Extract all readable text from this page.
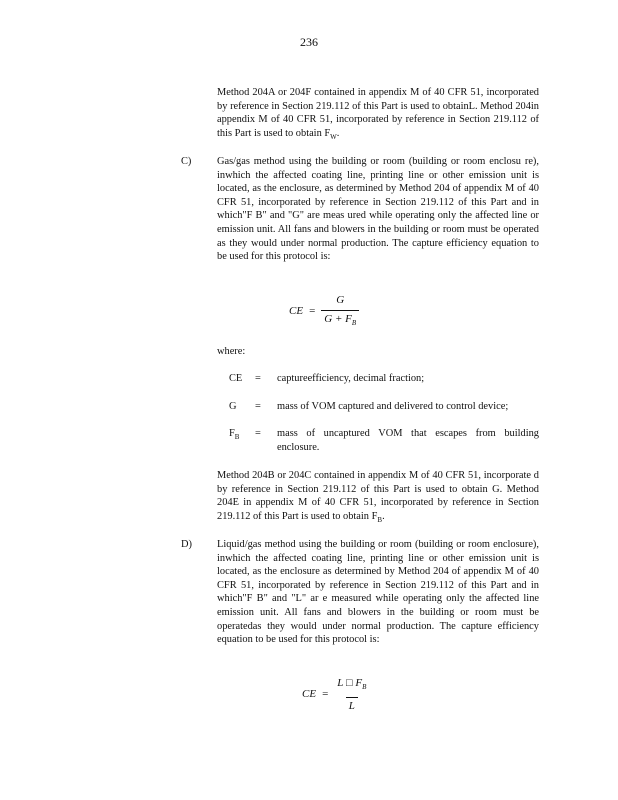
236
Method 204A or 204F contained in appendix M of 40 CFR 51, incorporated by reference in Section 219.112 of this Part is used to obtainL. Method 204in appendix M of 40 CFR 51, incorporated by reference in Section 219.112 of this Part is used to obtain $F_W$.
C) Gas/gas method using the building or room (building or room enclosu re), inwhich the affected coating line, printing line or other emission unit is located, as the enclosure, as determined by Method 204 of appendix M of 40 CFR 51, incorporated by reference in Section 219.112 of this Part and in which"F B" and "G" are meas ured while operating only the affected line or emission unit. All fans and blowers in the building or room must be operated as they would under normal production. The capture efficiency equation to be used for this protocol is:
CE = $\frac{G}{G + F_B}$
where:
CE	=	captureefficiency, decimal fraction;
G	=	mass of VOM captured and delivered to control device;
$F_B$	=	mass of uncaptured VOM that escapes from building enclosure.
Method 204B or 204C contained in appendix M of 40 CFR 51, incorporate d by reference in Section 219.112 of this Part is used to obtain G. Method 204E in appendix M of 40 CFR 51, incorporated by reference in Section 219.112 of this Part is used to obtain $F_B$.
D) Liquid/gas method using the building or room (building or room enclosure), inwhich the affected coating line, printing line or other emission unit is located, as the enclosure as determined by Method 204 of appendix M of 40 CFR 51, incorporated by reference in Section 219.112 of this Part and in which"F B" and "L" ar e measured while operating only the affected line emission unit. All fans and blowers in the building or room must be operatedas they would under normal production. The capture efficiency equation to be used for this protocol is:
CE = $\frac{L □ F_B}{L}$
